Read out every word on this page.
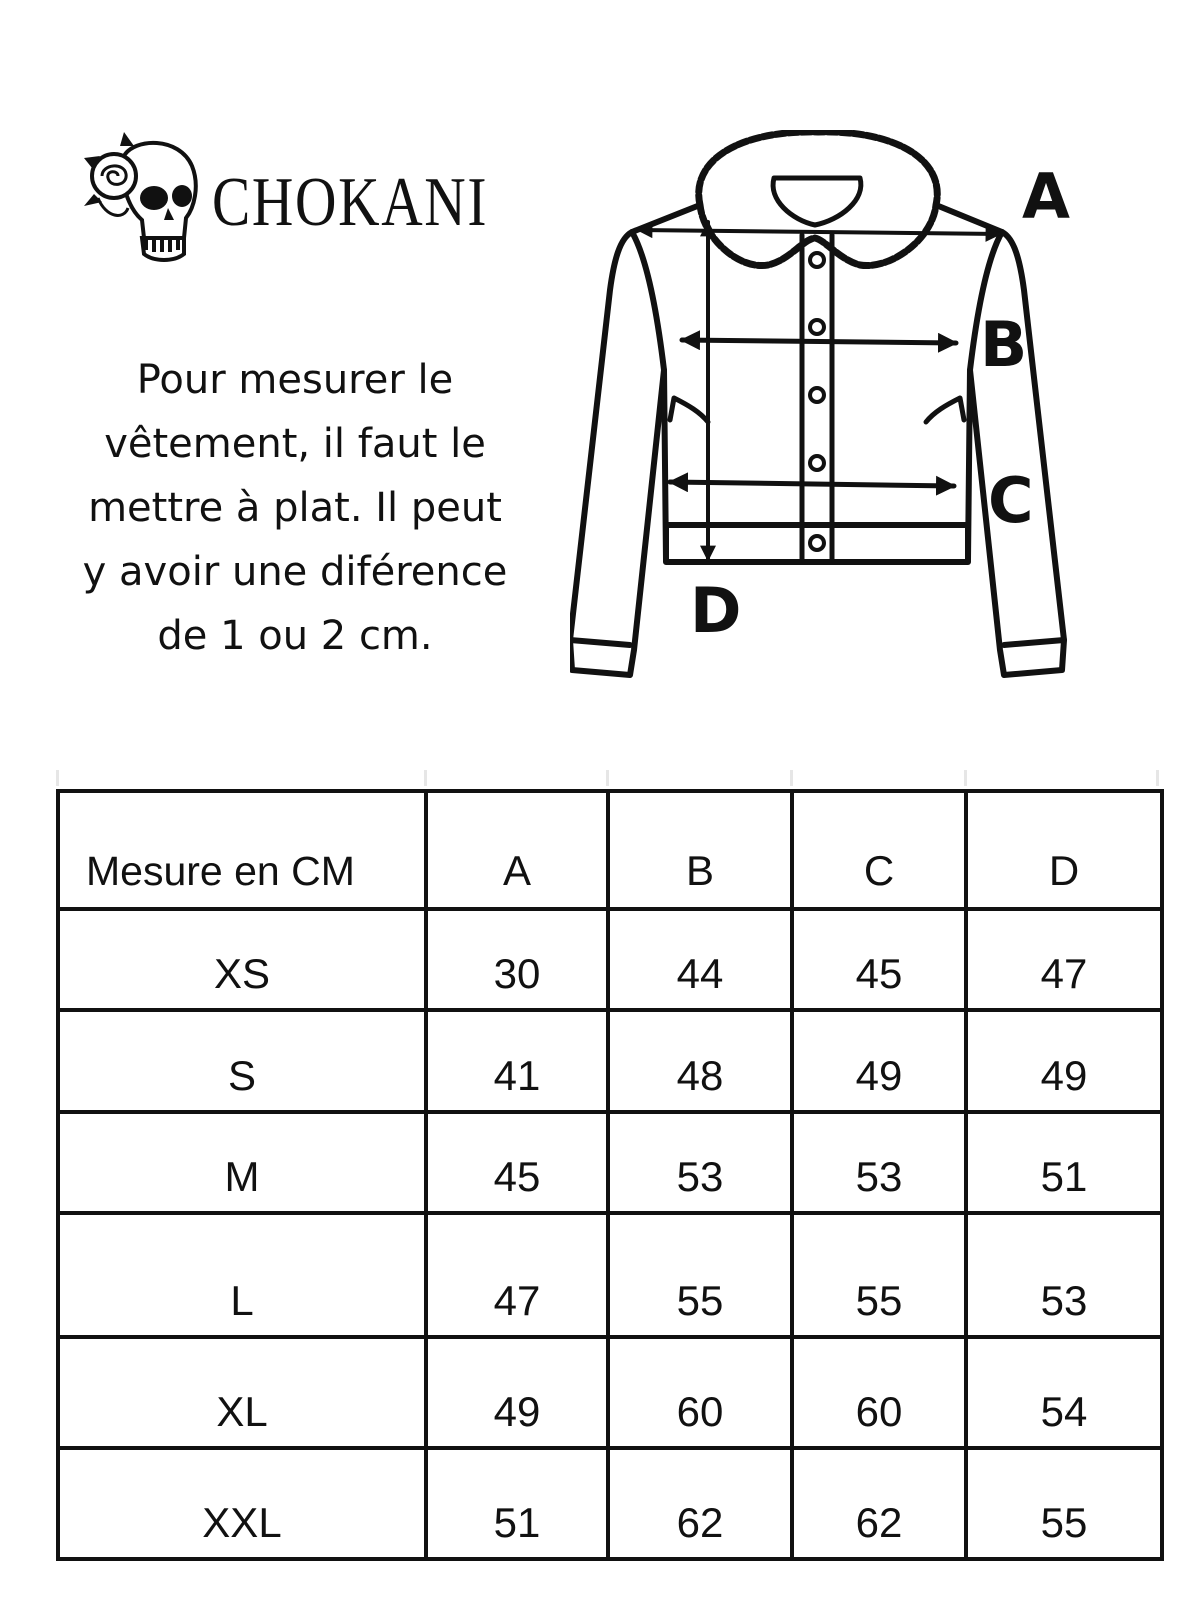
CHOKANI
Pour mesurer le
vêtement, il faut le
mettre à plat. Il peut
y avoir une diférence
de 1 ou 2 cm.
A
B
C
D
Mesure en CM	A	B	C	D
XS	30	44	45	47
S	41	48	49	49
M	45	53	53	51
L	47	55	55	53
XL	49	60	60	54
XXL	51	62	62	55
